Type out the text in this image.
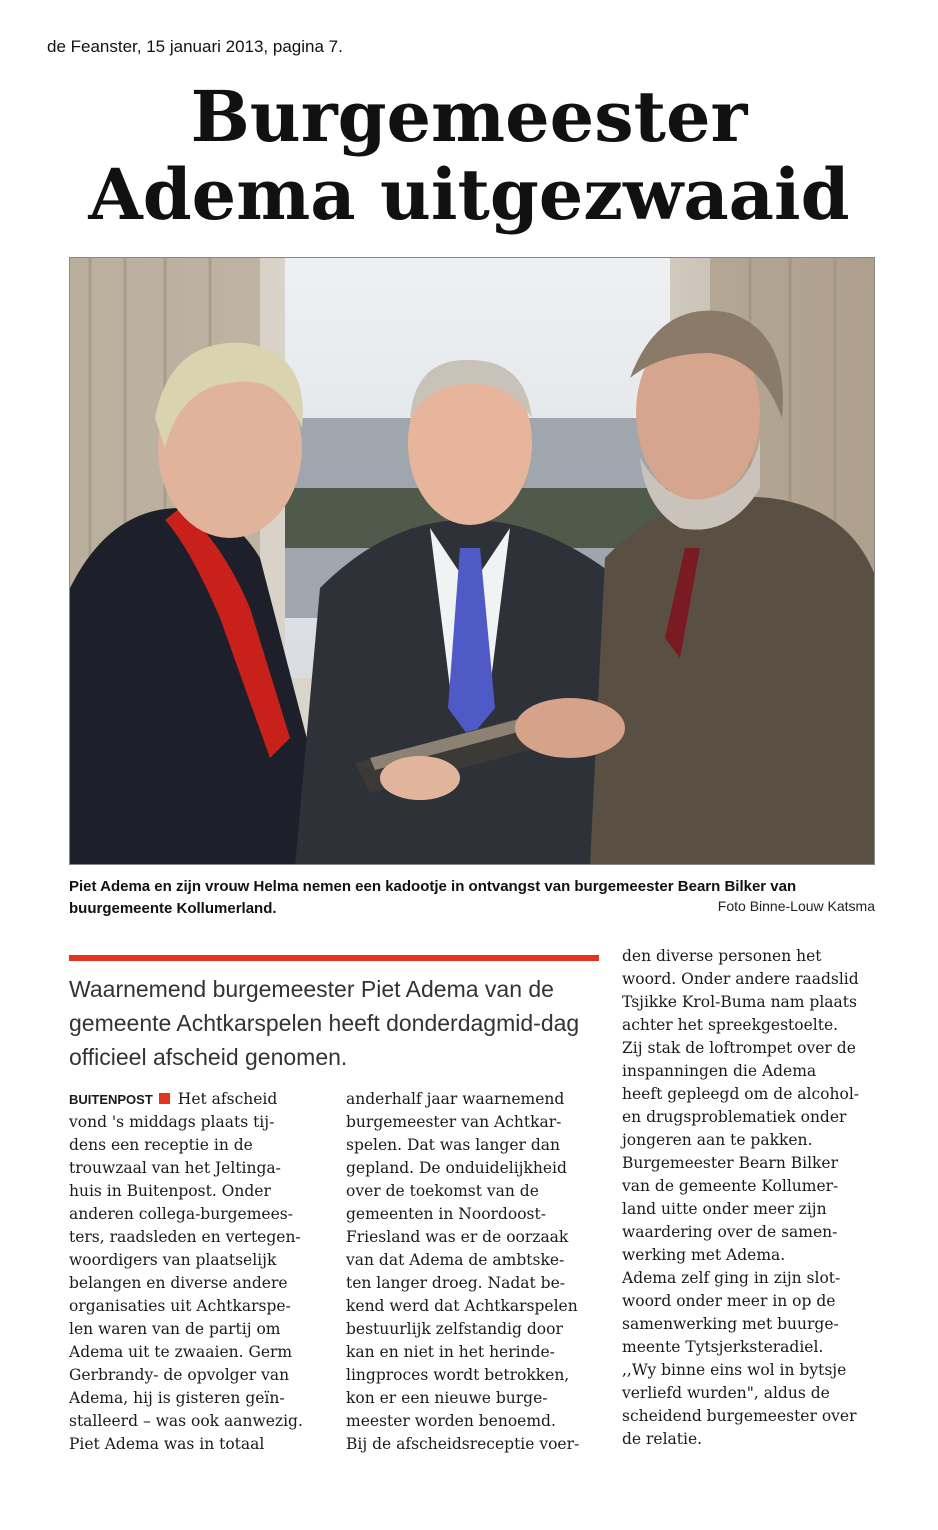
de Feanster, 15 januari 2013, pagina 7.
Burgemeester
Adema uitgezwaaid
Piet Adema en zijn vrouw Helma nemen een kadootje in ontvangst van burgemeester Bearn Bilker van buurgemeente Kollumerland.	Foto Binne-Louw Katsma
Waarnemend burgemeester Piet Adema van de gemeente Achtkarspelen heeft donderdagmid-dag officieel afscheid genomen.

BUITENPOST Het afscheid

vond 's middags plaats tij-

dens een receptie in de

trouwzaal van het Jeltinga-

huis in Buitenpost. Onder

anderen collega-burgemees-

ters, raadsleden en vertegen-

woordigers van plaatselijk

belangen en diverse andere

organisaties uit Achtkarspe-

len waren van de partij om

Adema uit te zwaaien. Germ

Gerbrandy- de opvolger van

Adema, hij is gisteren geïn-

stalleerd – was ook aanwezig.

Piet Adema was in totaal

anderhalf jaar waarnemend

burgemeester van Achtkar-

spelen. Dat was langer dan

gepland. De onduidelijkheid

over de toekomst van de

gemeenten in Noordoost-

Friesland was er de oorzaak

van dat Adema de ambtske-

ten langer droeg. Nadat be-

kend werd dat Achtkarspelen

bestuurlijk zelfstandig door

kan en niet in het herinde-

lingproces wordt betrokken,

kon er een nieuwe burge-

meester worden benoemd.

Bij de afscheidsreceptie voer-

den diverse personen het

woord. Onder andere raadslid

Tsjikke Krol-Buma nam plaats

achter het spreekgestoelte.

Zij stak de loftrompet over de

inspanningen die Adema

heeft gepleegd om de alcohol-

en drugsproblematiek onder

jongeren aan te pakken.

Burgemeester Bearn Bilker

van de gemeente Kollumer-

land uitte onder meer zijn

waardering over de samen-

werking met Adema.

Adema zelf ging in zijn slot-

woord onder meer in op de

samenwerking met buurge-

meente Tytsjerksteradiel.

,,Wy binne eins wol in bytsje

verliefd wurden", aldus de

scheidend burgemeester over

de relatie.
